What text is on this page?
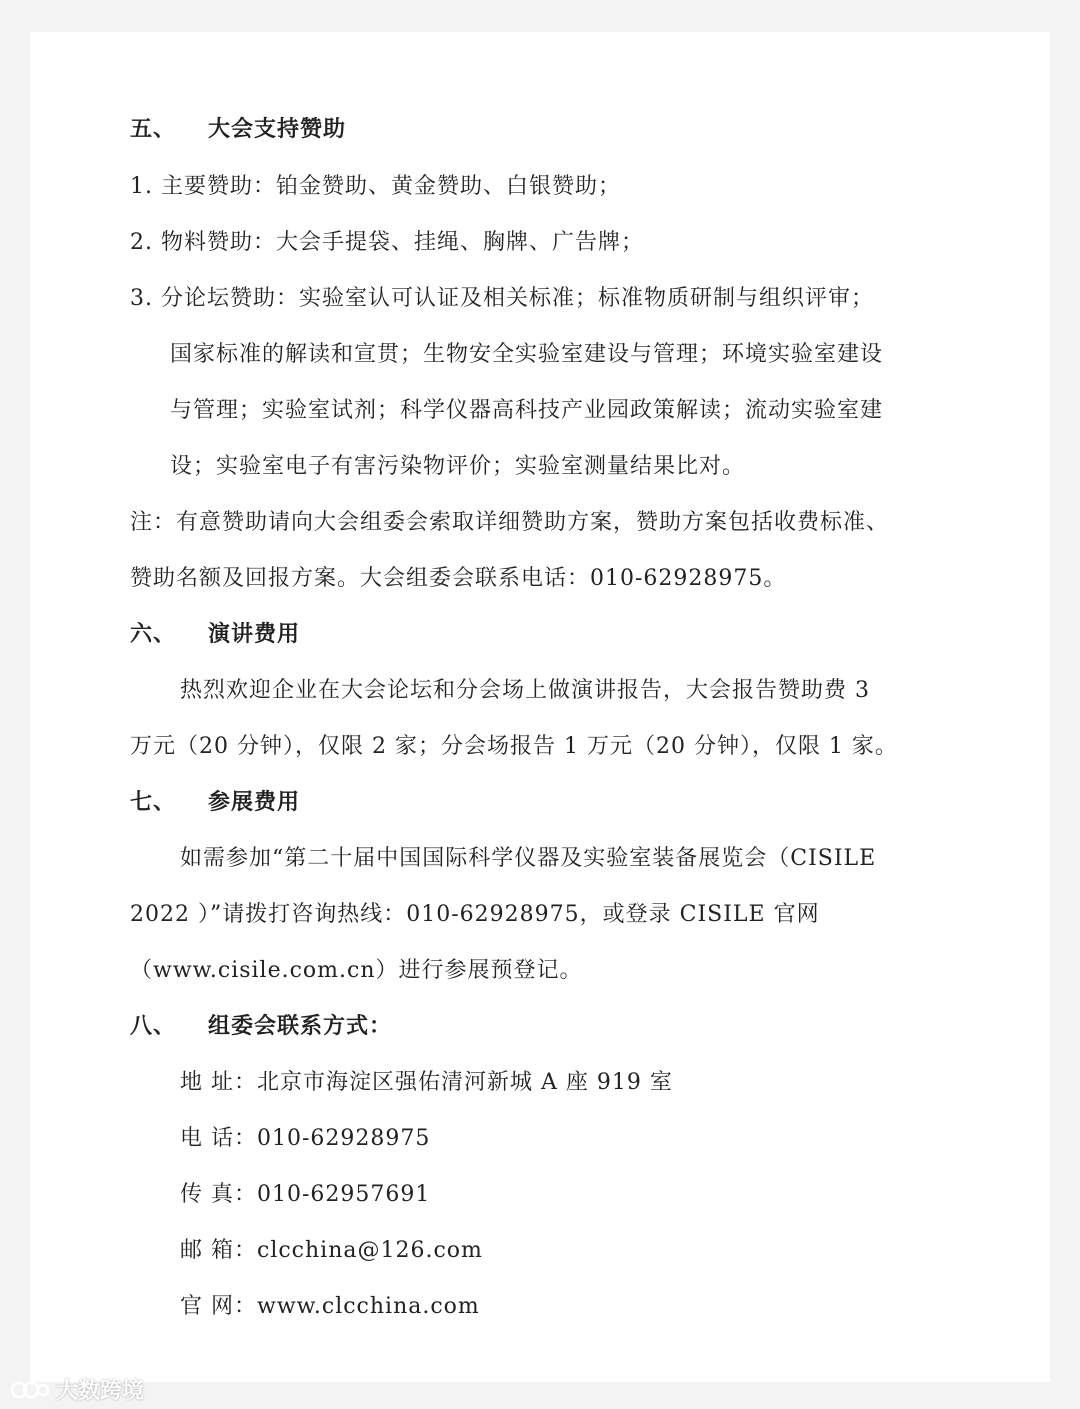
五、 大会支持赞助
1. 主要赞助：铂金赞助、黄金赞助、白银赞助；
2. 物料赞助：大会手提袋、挂绳、胸牌、广告牌；
3. 分论坛赞助：实验室认可认证及相关标准；标准物质研制与组织评审；
国家标准的解读和宣贯；生物安全实验室建设与管理；环境实验室建设
与管理；实验室试剂；科学仪器高科技产业园政策解读；流动实验室建
设；实验室电子有害污染物评价；实验室测量结果比对。
注：有意赞助请向大会组委会索取详细赞助方案，赞助方案包括收费标准、
赞助名额及回报方案。大会组委会联系电话：010-62928975。
六、 演讲费用
热烈欢迎企业在大会论坛和分会场上做演讲报告，大会报告赞助费 3
万元（20 分钟），仅限 2 家；分会场报告 1 万元（20 分钟），仅限 1 家。
七、 参展费用
如需参加“第二十届中国国际科学仪器及实验室装备展览会（CISILE
2022 ）”请拨打咨询热线：010-62928975，或登录 CISILE 官网
（www.cisile.com.cn）进行参展预登记。
八、 组委会联系方式：
地 址：北京市海淀区强佑清河新城 A 座 919 室
电 话：010-62928975
传 真：010-62957691
邮 箱：clcchina@126.com
官 网：www.clcchina.com
大数跨境
